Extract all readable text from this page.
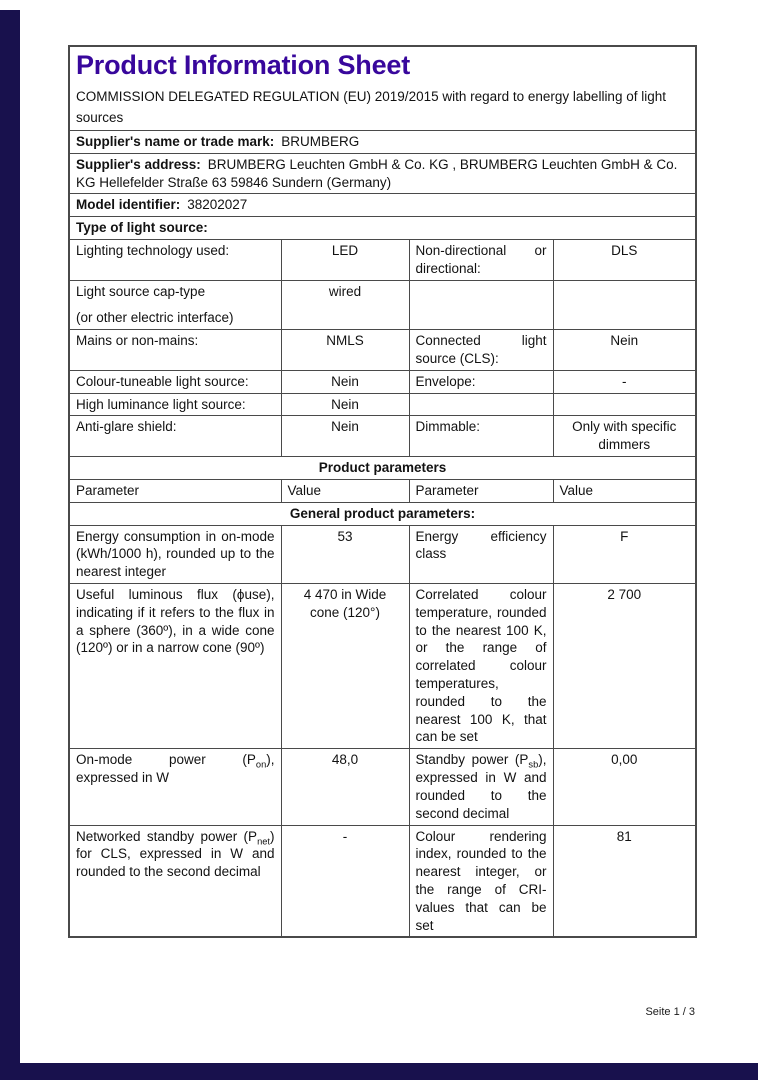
Product Information Sheet
COMMISSION DELEGATED REGULATION (EU) 2019/2015 with regard to energy labelling of light sources			

Supplier's name or trade mark: BRUMBERG			
Supplier's address: BRUMBERG Leuchten GmbH & Co. KG , BRUMBERG Leuchten GmbH & Co. KG Hellefelder Straße 63 59846 Sundern (Germany)			
Model identifier: 38202027			
Type of light source:			
Lighting technology used:	LED	Non-directional or directional:	DLS

Light source cap-type
(or other electric interface)	wired		
Mains or non-mains:	NMLS	Connected light source (CLS):	Nein
Colour-tuneable light source:	Nein	Envelope:	-
High luminance light source:	Nein		
Anti-glare shield:	Nein	Dimmable:	Only with specific dimmers
Product parameters			
Parameter	Value	Parameter	Value
General product parameters:			
Energy consumption in on-mode (kWh/1000 h), rounded up to the nearest integer	53	Energy efficiency class	F
Useful luminous flux (ϕuse), indicating if it refers to the flux in a sphere (360º), in a wide cone (120º) or in a narrow cone (90º)	4 470 in Wide cone (120°)	Correlated colour temperature, rounded to the nearest 100 K, or the range of correlated colour temperatures, rounded to the nearest 100 K, that can be set	2 700
On-mode power $(P_{on})$, expressed in W	48,0	Standby power $(P_{sb})$, expressed in W and rounded to the second decimal	0,00
Networked standby power $(P_{net})$ for CLS, expressed in W and rounded to the second decimal	-	Colour rendering index, rounded to the nearest integer, or the range of CRI-values that can be set	81
Seite 1 / 3
